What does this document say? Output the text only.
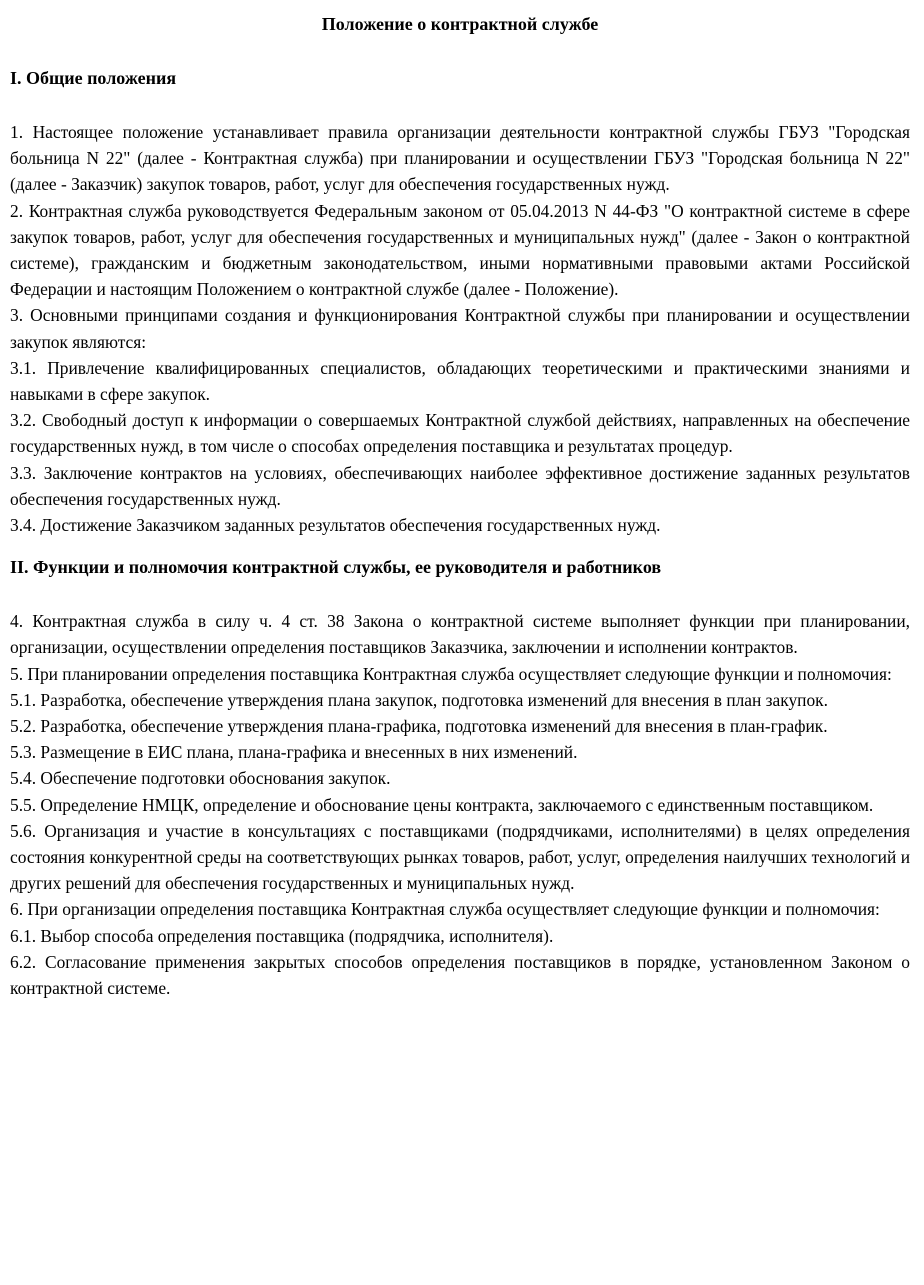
Положение о контрактной службе
I. Общие положения

1. Настоящее положение устанавливает правила организации деятельности контрактной службы ГБУЗ "Городская больница N 22" (далее - Контрактная служба) при планировании и осуществлении ГБУЗ "Городская больница N 22" (далее - Заказчик) закупок товаров, работ, услуг для обеспечения государственных нужд.

2. Контрактная служба руководствуется Федеральным законом от 05.04.2013 N 44-ФЗ "О контрактной системе в сфере закупок товаров, работ, услуг для обеспечения государственных и муниципальных нужд" (далее - Закон о контрактной системе), гражданским и бюджетным законодательством, иными нормативными правовыми актами Российской Федерации и настоящим Положением о контрактной службе (далее - Положение).

3. Основными принципами создания и функционирования Контрактной службы при планировании и осуществлении закупок являются:

3.1. Привлечение квалифицированных специалистов, обладающих теоретическими и практическими знаниями и навыками в сфере закупок.

3.2. Свободный доступ к информации о совершаемых Контрактной службой действиях, направленных на обеспечение государственных нужд, в том числе о способах определения поставщика и результатах процедур.

3.3. Заключение контрактов на условиях, обеспечивающих наиболее эффективное достижение заданных результатов обеспечения государственных нужд.

3.4. Достижение Заказчиком заданных результатов обеспечения государственных нужд.

II. Функции и полномочия контрактной службы, ее руководителя и работников

4. Контрактная служба в силу ч. 4 ст. 38 Закона о контрактной системе выполняет функции при планировании, организации, осуществлении определения поставщиков Заказчика, заключении и исполнении контрактов.

5. При планировании определения поставщика Контрактная служба осуществляет следующие функции и полномочия:

5.1. Разработка, обеспечение утверждения плана закупок, подготовка изменений для внесения в план закупок.

5.2. Разработка, обеспечение утверждения плана-графика, подготовка изменений для внесения в план-график.

5.3. Размещение в ЕИС плана, плана-графика и внесенных в них изменений.

5.4. Обеспечение подготовки обоснования закупок.

5.5. Определение НМЦК, определение и обоснование цены контракта, заключаемого с единственным поставщиком.

5.6. Организация и участие в консультациях с поставщиками (подрядчиками, исполнителями) в целях определения состояния конкурентной среды на соответствующих рынках товаров, работ, услуг, определения наилучших технологий и других решений для обеспечения государственных и муниципальных нужд.

6. При организации определения поставщика Контрактная служба осуществляет следующие функции и полномочия:

6.1. Выбор способа определения поставщика (подрядчика, исполнителя).

6.2. Согласование применения закрытых способов определения поставщиков в порядке, установленном Законом о контрактной системе.
